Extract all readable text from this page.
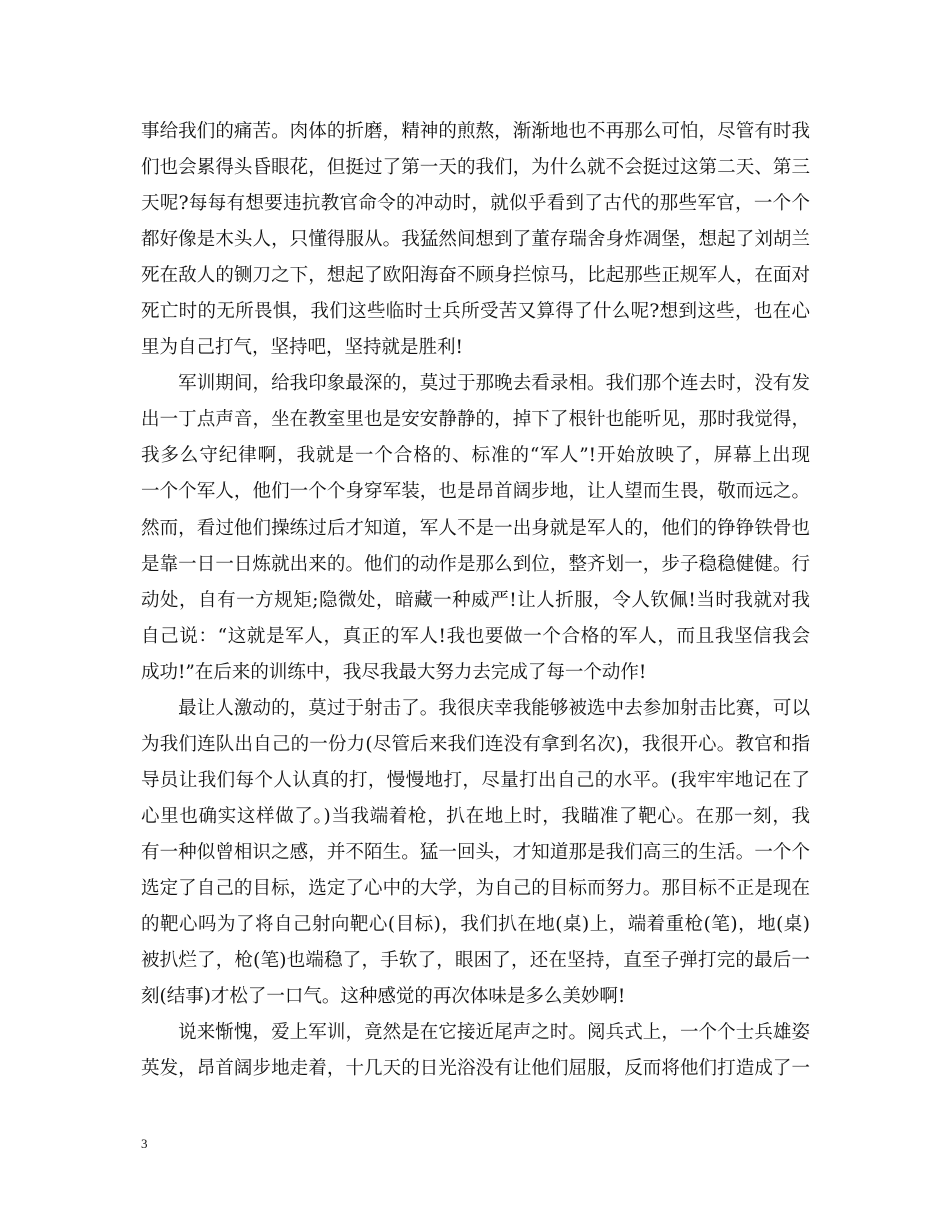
事给我们的痛苦。肉体的折磨，精神的煎熬，渐渐地也不再那么可怕，尽管有时我
们也会累得头昏眼花，但挺过了第一天的我们，为什么就不会挺过这第二天、第三
天呢?每每有想要违抗教官命令的冲动时，就似乎看到了古代的那些军官，一个个
都好像是木头人，只懂得服从。我猛然间想到了董存瑞舍身炸凋堡，想起了刘胡兰
死在敌人的铡刀之下，想起了欧阳海奋不顾身拦惊马，比起那些正规军人，在面对
死亡时的无所畏惧，我们这些临时士兵所受苦又算得了什么呢?想到这些，也在心
里为自己打气，坚持吧，坚持就是胜利!
　　军训期间，给我印象最深的，莫过于那晚去看录相。我们那个连去时，没有发
出一丁点声音，坐在教室里也是安安静静的，掉下了根针也能听见，那时我觉得，
我多么守纪律啊，我就是一个合格的、标准的“军人”!开始放映了，屏幕上出现
一个个军人，他们一个个身穿军装，也是昂首阔步地，让人望而生畏，敬而远之。
然而，看过他们操练过后才知道，军人不是一出身就是军人的，他们的铮铮铁骨也
是靠一日一日炼就出来的。他们的动作是那么到位，整齐划一，步子稳稳健健。行
动处，自有一方规矩;隐微处，暗藏一种威严!让人折服，令人钦佩!当时我就对我
自己说：“这就是军人，真正的军人!我也要做一个合格的军人，而且我坚信我会
成功!”在后来的训练中，我尽我最大努力去完成了每一个动作!
　　最让人激动的，莫过于射击了。我很庆幸我能够被选中去参加射击比赛，可以
为我们连队出自己的一份力(尽管后来我们连没有拿到名次)，我很开心。教官和指
导员让我们每个人认真的打，慢慢地打，尽量打出自己的水平。(我牢牢地记在了
心里也确实这样做了。)当我端着枪，扒在地上时，我瞄准了靶心。在那一刻，我
有一种似曾相识之感，并不陌生。猛一回头，才知道那是我们高三的生活。一个个
选定了自己的目标，选定了心中的大学，为自己的目标而努力。那目标不正是现在
的靶心吗为了将自己射向靶心(目标)，我们扒在地(桌)上，端着重枪(笔)，地(桌)
被扒烂了，枪(笔)也端稳了，手软了，眼困了，还在坚持，直至子弹打完的最后一
刻(结事)才松了一口气。这种感觉的再次体味是多么美妙啊!
　　说来惭愧，爱上军训，竟然是在它接近尾声之时。阅兵式上，一个个士兵雄姿
英发，昂首阔步地走着，十几天的日光浴没有让他们屈服，反而将他们打造成了一
3
